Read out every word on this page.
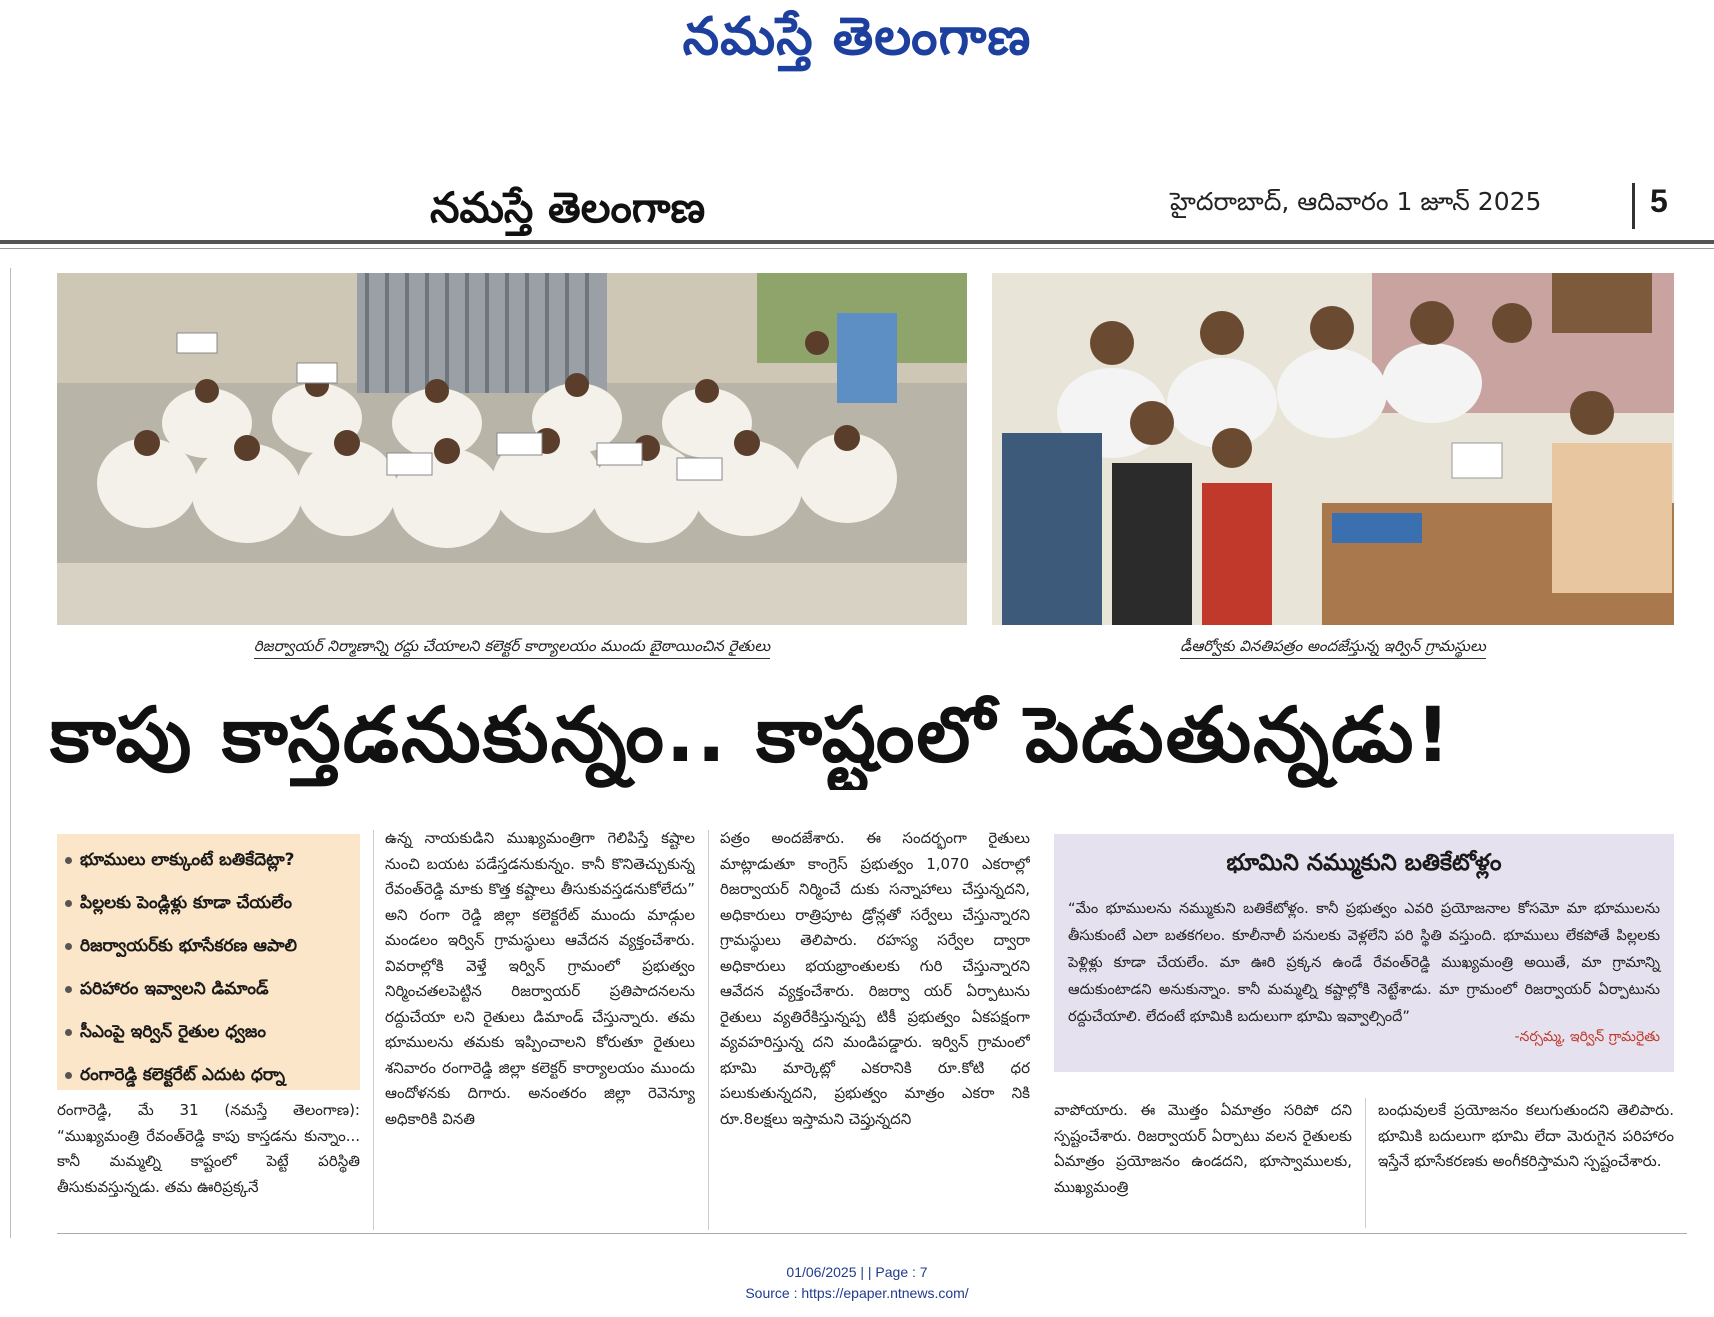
నమస్తే తెలంగాణ
నమస్తే తెలంగాణ	హైదరాబాద్, ఆదివారం 1 జూన్ 2025	5
రిజర్వాయర్ నిర్మాణాన్ని రద్దు చేయాలని కలెక్టర్ కార్యాలయం ముందు బైఠాయించిన రైతులు	డీఆర్వోకు వినతిపత్రం అందజేస్తున్న ఇర్విన్ గ్రామస్థులు
కాపు కాస్తడనుకున్నం.. కాష్టంలో పెడుతున్నడు!
భూములు లాక్కుంటే బతికేదెట్లా?
పిల్లలకు పెండ్లిళ్లు కూడా చేయలేం
రిజర్వాయర్‌కు భూసేకరణ ఆపాలి
పరిహారం ఇవ్వాలని డిమాండ్
సీఎంపై ఇర్విన్ రైతుల ధ్వజం
రంగారెడ్డి కలెక్టరేట్ ఎదుట ధర్నా
రంగారెడ్డి, మే 31 (నమస్తే తెలంగాణ): “ముఖ్యమంత్రి రేవంత్‌రెడ్డి కాపు కాస్తడను కున్నాం... కానీ మమ్మల్ని కాష్టంలో పెట్టే పరిస్థితి తీసుకువస్తున్నడు. తమ ఊరిప్రక్కనే
ఉన్న నాయకుడిని ముఖ్యమంత్రిగా గెలిపిస్తే కష్టాల నుంచి బయట పడేస్తడనుకున్నం. కానీ కొనితెచ్చుకున్న రేవంత్‌రెడ్డి మాకు కొత్త కష్టాలు తీసుకువస్తడనుకోలేదు” అని రంగా రెడ్డి జిల్లా కలెక్టరేట్ ముందు మాడ్గుల మండలం ఇర్విన్ గ్రామస్థులు ఆవేదన వ్యక్తంచేశారు. వివరాల్లోకి వెళ్తే ఇర్విన్ గ్రామంలో ప్రభుత్వం నిర్మించతలపెట్టిన రిజర్వాయర్ ప్రతిపాదనలను రద్దుచేయా లని రైతులు డిమాండ్ చేస్తున్నారు. తమ భూములను తమకు ఇప్పించాలని కోరుతూ రైతులు శనివారం రంగారెడ్డి జిల్లా కలెక్టర్ కార్యాలయం ముందు ఆందోళనకు దిగారు. అనంతరం జిల్లా రెవెన్యూ అధికారికి వినతి
పత్రం అందజేశారు. ఈ సందర్భంగా రైతులు మాట్లాడుతూ కాంగ్రెస్ ప్రభుత్వం 1,070 ఎకరాల్లో రిజర్వాయర్ నిర్మించే దుకు సన్నాహాలు చేస్తున్నదని, అధికారులు రాత్రిపూట డ్రోన్లతో సర్వేలు చేస్తున్నారని గ్రామస్థులు తెలిపారు. రహస్య సర్వేల ద్వారా అధికారులు భయభ్రాంతులకు గురి చేస్తున్నారని ఆవేదన వ్యక్తంచేశారు. రిజర్వా యర్ ఏర్పాటును రైతులు వ్యతిరేకిస్తున్నప్ప టికీ ప్రభుత్వం ఏకపక్షంగా వ్యవహరిస్తున్న దని మండిపడ్డారు. ఇర్విన్ గ్రామంలో భూమి మార్కెట్లో ఎకరానికి రూ.కోటి ధర పలుకుతున్నదని, ప్రభుత్వం మాత్రం ఎకరా నికి రూ.8లక్షలు ఇస్తామని చెప్తున్నదని
భూమిని నమ్ముకుని బతికేటోళ్లం
“మేం భూములను నమ్ముకుని బతికేటోళ్లం. కానీ ప్రభుత్వం ఎవరి ప్రయోజనాల కోసమో మా భూములను తీసుకుంటే ఎలా బతకగలం. కూలీనాలీ పనులకు వెళ్లలేని పరి స్థితి వస్తుంది. భూములు లేకపోతే పిల్లలకు పెళ్లిళ్లు కూడా చేయలేం. మా ఊరి ప్రక్కన ఉండే రేవంత్‌రెడ్డి ముఖ్యమంత్రి అయితే, మా గ్రామాన్ని ఆదుకుంటాడని అనుకున్నాం. కానీ మమ్మల్ని కష్టాల్లోకి నెట్టేశాడు. మా గ్రామంలో రిజర్వాయర్ ఏర్పాటును రద్దుచేయాలి. లేదంటే భూమికి బదులుగా భూమి ఇవ్వాల్సిందే”
-నర్సమ్మ, ఇర్విన్ గ్రామరైతు
వాపోయారు. ఈ మొత్తం ఏమాత్రం సరిపో దని స్పష్టంచేశారు. రిజర్వాయర్ ఏర్పాటు వలన రైతులకు ఏమాత్రం ప్రయోజనం ఉండదని, భూస్వాములకు, ముఖ్యమంత్రి
బంధువులకే ప్రయోజనం కలుగుతుందని తెలిపారు. భూమికి బదులుగా భూమి లేదా మెరుగైన పరిహారం ఇస్తేనే భూసేకరణకు అంగీకరిస్తామని స్పష్టంచేశారు.
01/06/2025 | | Page : 7
Source : https://epaper.ntnews.com/
